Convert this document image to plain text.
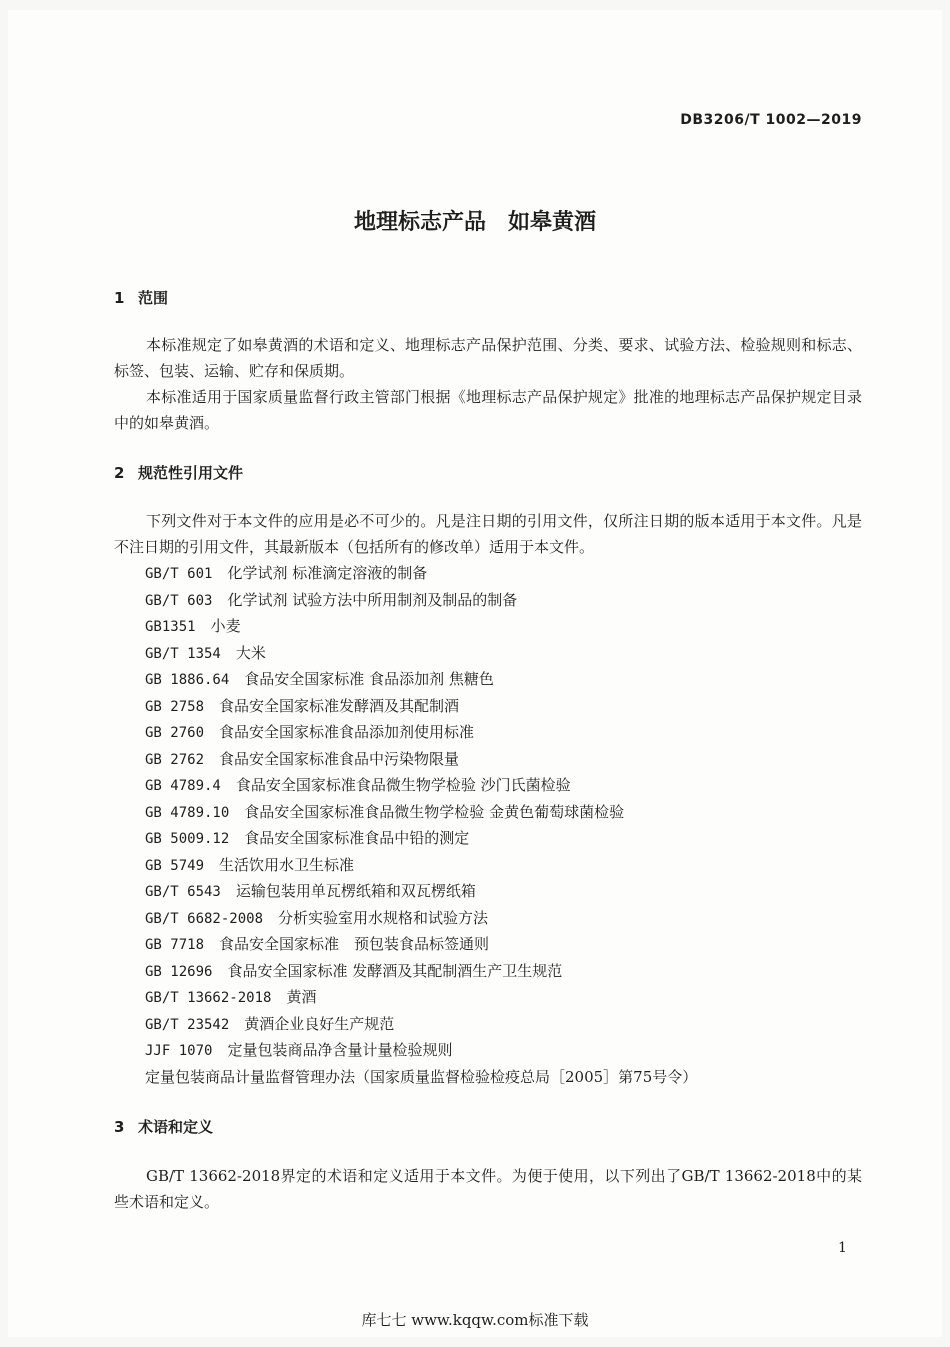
DB3206/T 1002—2019
地理标志产品　如皋黄酒
1 范围
本标准规定了如皋黄酒的术语和定义、地理标志产品保护范围、分类、要求、试验方法、检验规则和标志、标签、包装、运输、贮存和保质期。
本标准适用于国家质量监督行政主管部门根据《地理标志产品保护规定》批准的地理标志产品保护规定目录中的如皋黄酒。
2 规范性引用文件
下列文件对于本文件的应用是必不可少的。凡是注日期的引用文件，仅所注日期的版本适用于本文件。凡是不注日期的引用文件，其最新版本（包括所有的修改单）适用于本文件。
GB/T 601  化学试剂 标准滴定溶液的制备
GB/T 603  化学试剂 试验方法中所用制剂及制品的制备
GB1351  小麦
GB/T 1354  大米
GB 1886.64  食品安全国家标准 食品添加剂 焦糖色
GB 2758  食品安全国家标准发酵酒及其配制酒
GB 2760  食品安全国家标准食品添加剂使用标准
GB 2762  食品安全国家标准食品中污染物限量
GB 4789.4  食品安全国家标准食品微生物学检验 沙门氏菌检验
GB 4789.10  食品安全国家标准食品微生物学检验 金黄色葡萄球菌检验
GB 5009.12  食品安全国家标准食品中铅的测定
GB 5749  生活饮用水卫生标准
GB/T 6543  运输包装用单瓦楞纸箱和双瓦楞纸箱
GB/T 6682-2008  分析实验室用水规格和试验方法
GB 7718  食品安全国家标准　预包装食品标签通则
GB 12696  食品安全国家标准 发酵酒及其配制酒生产卫生规范
GB/T 13662-2018  黄酒
GB/T 23542  黄酒企业良好生产规范
JJF 1070  定量包装商品净含量计量检验规则
定量包装商品计量监督管理办法（国家质量监督检验检疫总局［2005］第75号令）
3 术语和定义
GB/T 13662-2018界定的术语和定义适用于本文件。为便于使用，以下列出了GB/T 13662-2018中的某些术语和定义。
1
库七七 www.kqqw.com标准下载
